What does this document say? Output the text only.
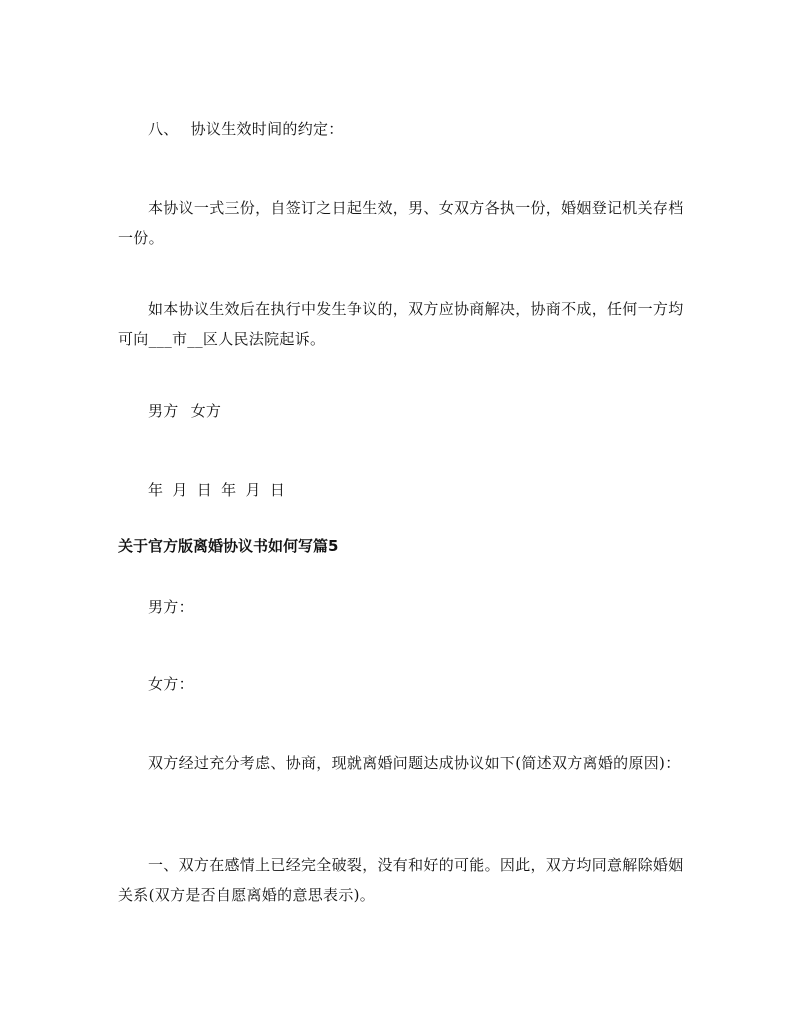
八、 协议生效时间的约定：
本协议一式三份，自签订之日起生效，男、女双方各执一份，婚姻登记机关存档一份。
如本协议生效后在执行中发生争议的，双方应协商解决，协商不成，任何一方均可向___市__区人民法院起诉。
男方 女方
年 月 日 年 月 日
关于官方版离婚协议书如何写篇5
男方：
女方：
双方经过充分考虑、协商，现就离婚问题达成协议如下(简述双方离婚的原因)：
一、双方在感情上已经完全破裂，没有和好的可能。因此，双方均同意解除婚姻关系(双方是否自愿离婚的意思表示)。
